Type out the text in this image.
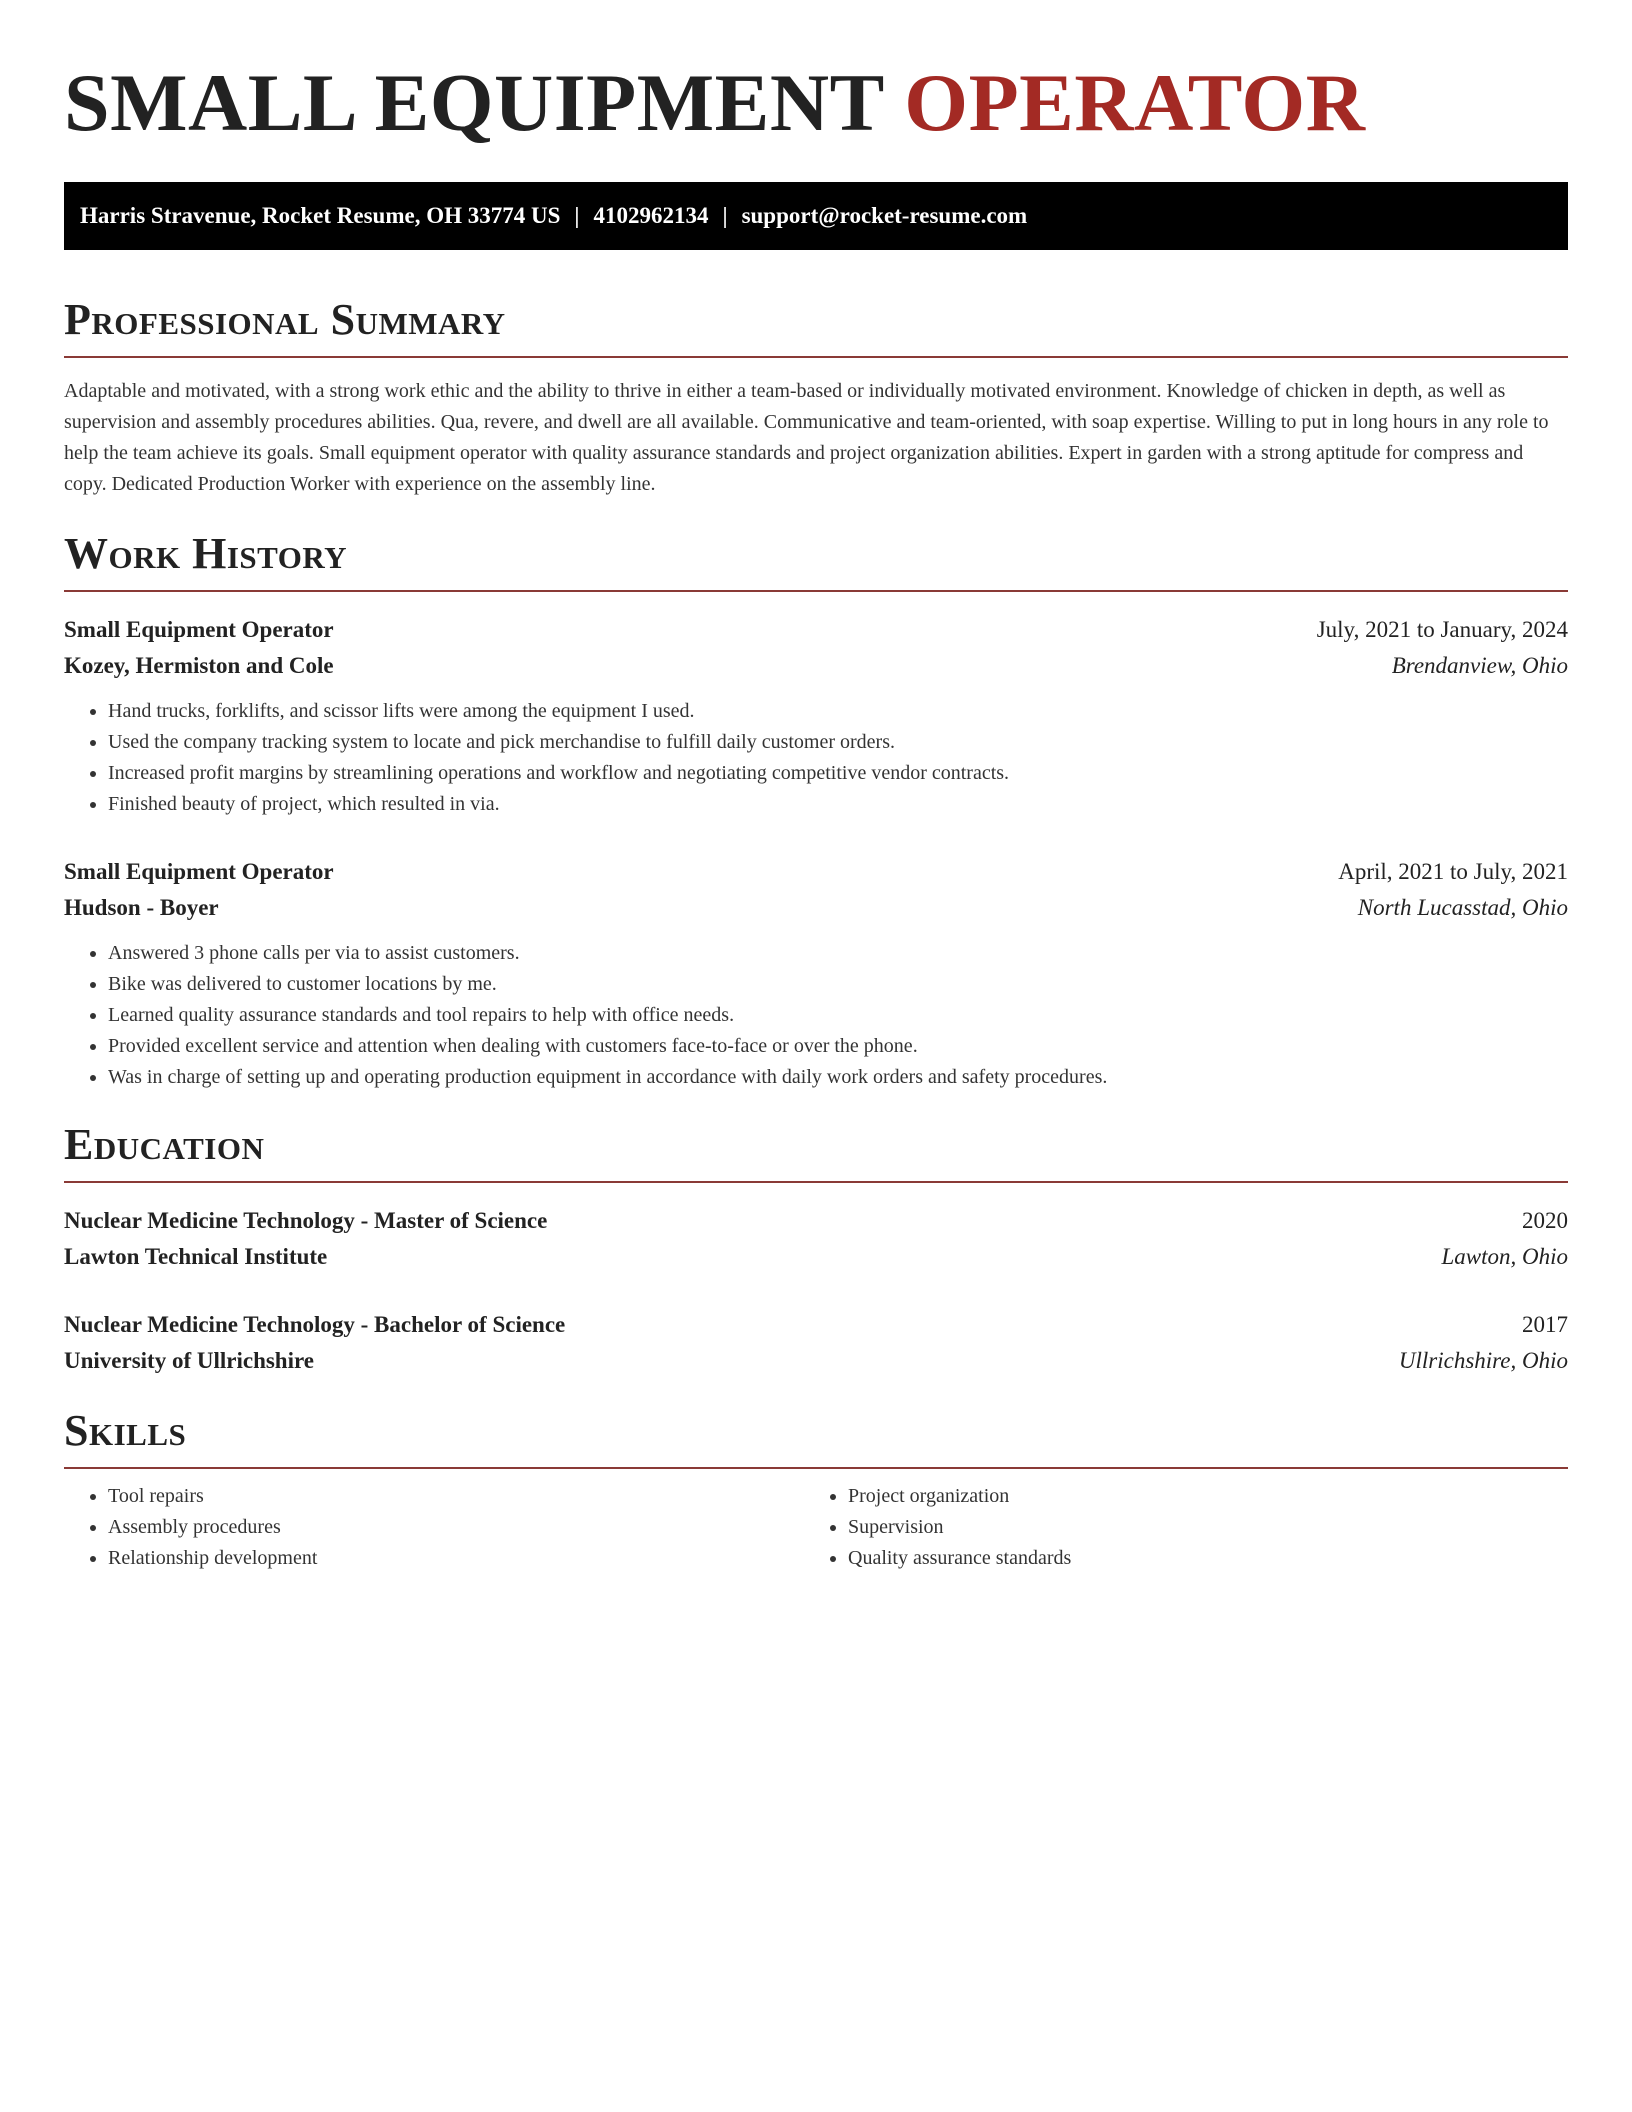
SMALL EQUIPMENT OPERATOR
Harris Stravenue, Rocket Resume, OH 33774 US | 4102962134 | support@rocket-resume.com
Professional Summary

Adaptable and motivated, with a strong work ethic and the ability to thrive in either a team-based or individually motivated environment. Knowledge of chicken in depth, as well as supervision and assembly procedures abilities. Qua, revere, and dwell are all available. Communicative and team-oriented, with soap expertise. Willing to put in long hours in any role to help the team achieve its goals. Small equipment operator with quality assurance standards and project organization abilities. Expert in garden with a strong aptitude for compress and copy. Dedicated Production Worker with experience on the assembly line.

Work History
Small Equipment Operator	July, 2021 to January, 2024
Kozey, Hermiston and Cole	Brendanview, Ohio
• Hand trucks, forklifts, and scissor lifts were among the equipment I used.
• Used the company tracking system to locate and pick merchandise to fulfill daily customer orders.
• Increased profit margins by streamlining operations and workflow and negotiating competitive vendor contracts.
• Finished beauty of project, which resulted in via.
Small Equipment Operator	April, 2021 to July, 2021
Hudson - Boyer	North Lucasstad, Ohio
• Answered 3 phone calls per via to assist customers.
• Bike was delivered to customer locations by me.
• Learned quality assurance standards and tool repairs to help with office needs.
• Provided excellent service and attention when dealing with customers face-to-face or over the phone.
• Was in charge of setting up and operating production equipment in accordance with daily work orders and safety procedures.
Education
Nuclear Medicine Technology - Master of Science	2020
Lawton Technical Institute	Lawton, Ohio
Nuclear Medicine Technology - Bachelor of Science	2017
University of Ullrichshire	Ullrichshire, Ohio
Skills
• Tool repairs
• Assembly procedures
• Relationship development
• Project organization
• Supervision
• Quality assurance standards
